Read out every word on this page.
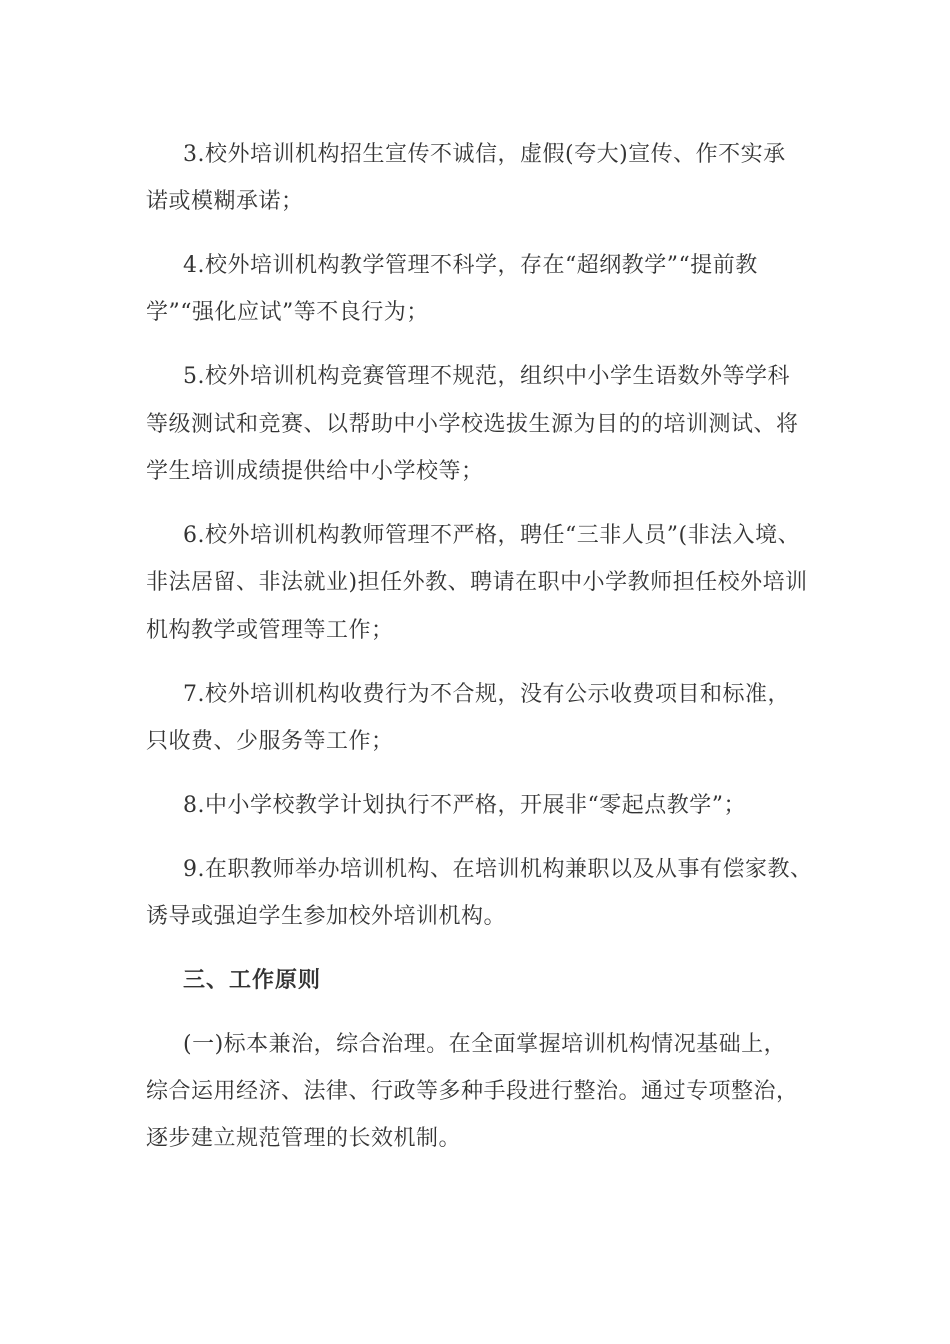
3.校外培训机构招生宣传不诚信，虚假(夸大)宣传、作不实承
诺或模糊承诺；
4.校外培训机构教学管理不科学，存在“超纲教学”“提前教
学”“强化应试”等不良行为；
5.校外培训机构竞赛管理不规范，组织中小学生语数外等学科
等级测试和竞赛、以帮助中小学校选拔生源为目的的培训测试、将
学生培训成绩提供给中小学校等；
6.校外培训机构教师管理不严格，聘任“三非人员”(非法入境、
非法居留、非法就业)担任外教、聘请在职中小学教师担任校外培训
机构教学或管理等工作；
7.校外培训机构收费行为不合规，没有公示收费项目和标准，
只收费、少服务等工作；
8.中小学校教学计划执行不严格，开展非“零起点教学”；
9.在职教师举办培训机构、在培训机构兼职以及从事有偿家教、
诱导或强迫学生参加校外培训机构。
三、工作原则
(一)标本兼治，综合治理。在全面掌握培训机构情况基础上，
综合运用经济、法律、行政等多种手段进行整治。通过专项整治，
逐步建立规范管理的长效机制。
